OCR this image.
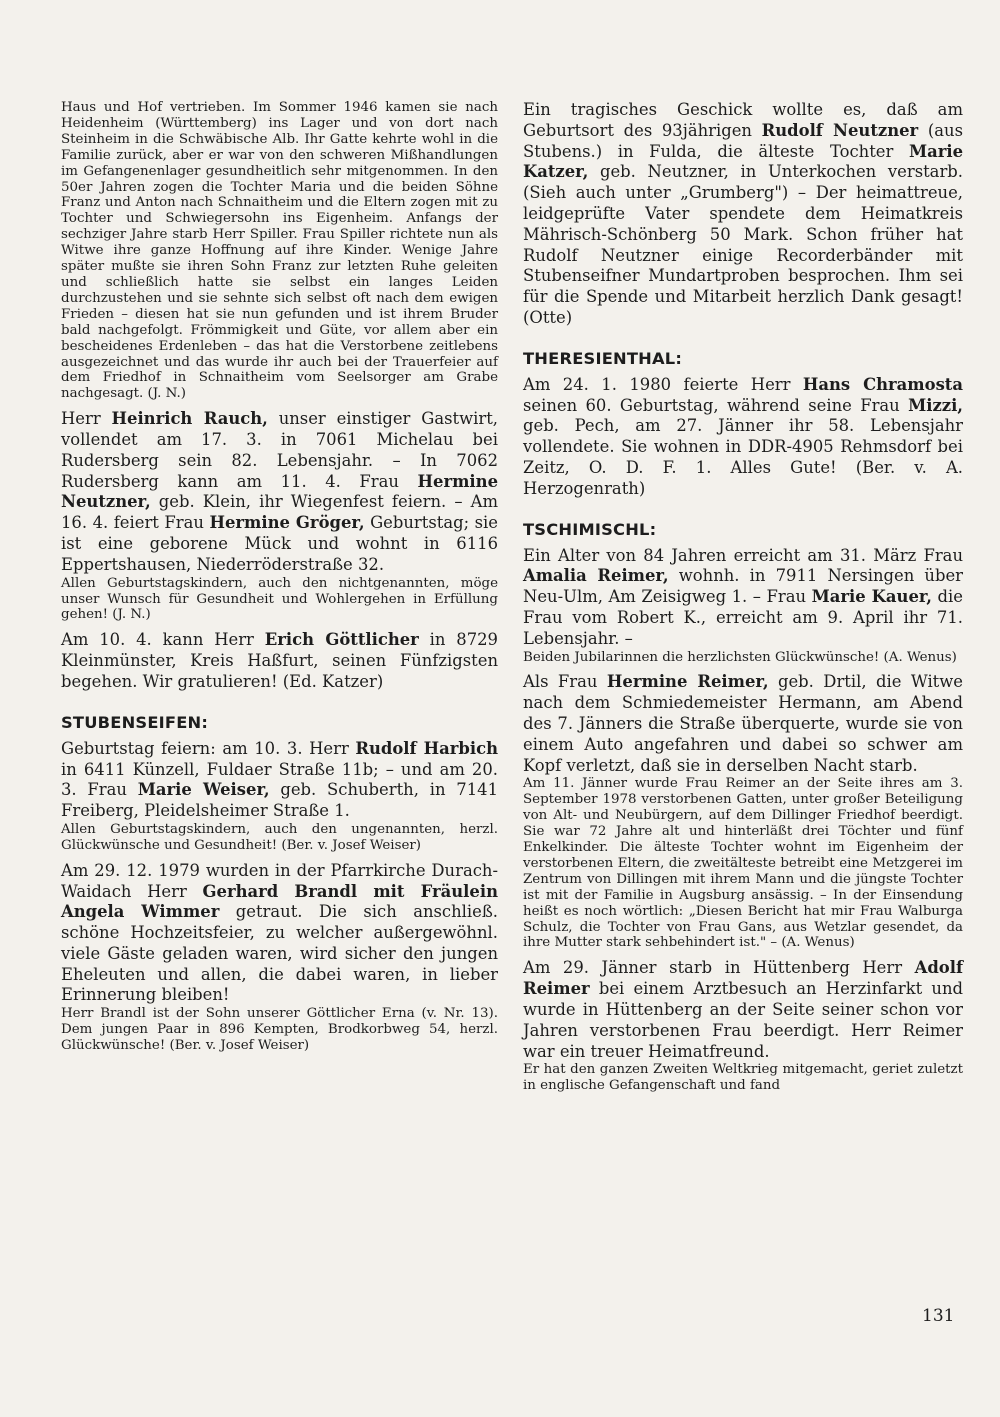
Haus und Hof vertrieben. Im Sommer 1946 kamen sie nach Heidenheim (Württemberg) ins Lager und von dort nach Steinheim in die Schwäbische Alb. Ihr Gatte kehrte wohl in die Familie zurück, aber er war von den schweren Mißhandlungen im Gefangenenlager gesundheitlich sehr mitgenommen. In den 50er Jahren zogen die Tochter Maria und die beiden Söhne Franz und Anton nach Schnaitheim und die Eltern zogen mit zu Tochter und Schwiegersohn ins Eigenheim. Anfangs der sechziger Jahre starb Herr Spiller. Frau Spiller richtete nun als Witwe ihre ganze Hoffnung auf ihre Kinder. Wenige Jahre später mußte sie ihren Sohn Franz zur letzten Ruhe geleiten und schließlich hatte sie selbst ein langes Leiden durchzustehen und sie sehnte sich selbst oft nach dem ewigen Frieden – diesen hat sie nun gefunden und ist ihrem Bruder bald nachgefolgt. Frömmigkeit und Güte, vor allem aber ein bescheidenes Erdenleben – das hat die Verstorbene zeitlebens ausgezeichnet und das wurde ihr auch bei der Trauerfeier auf dem Friedhof in Schnaitheim vom Seelsorger am Grabe nachgesagt. (J. N.)

Herr Heinrich Rauch, unser einstiger Gastwirt, vollendet am 17. 3. in 7061 Michelau bei Rudersberg sein 82. Lebensjahr. – In 7062 Rudersberg kann am 11. 4. Frau Hermine Neutzner, geb. Klein, ihr Wiegenfest feiern. – Am 16. 4. feiert Frau Hermine Gröger, Geburtstag; sie ist eine geborene Mück und wohnt in 6116 Eppertshausen, Niederröderstraße 32.

Allen Geburtstagskindern, auch den nichtgenannten, möge unser Wunsch für Gesundheit und Wohlergehen in Erfüllung gehen! (J. N.)

Am 10. 4. kann Herr Erich Göttlicher in 8729 Kleinmünster, Kreis Haßfurt, seinen Fünfzigsten begehen. Wir gratulieren! (Ed. Katzer)

STUBENSEIFEN:

Geburtstag feiern: am 10. 3. Herr Rudolf Harbich in 6411 Künzell, Fuldaer Straße 11b; – und am 20. 3. Frau Marie Weiser, geb. Schuberth, in 7141 Freiberg, Pleidelsheimer Straße 1.

Allen Geburtstagskindern, auch den ungenannten, herzl. Glückwünsche und Gesundheit! (Ber. v. Josef Weiser)

Am 29. 12. 1979 wurden in der Pfarrkirche Durach-Waidach Herr Gerhard Brandl mit Fräulein Angela Wimmer getraut. Die sich anschließ. schöne Hochzeitsfeier, zu welcher außergewöhnl. viele Gäste geladen waren, wird sicher den jungen Eheleuten und allen, die dabei waren, in lieber Erinnerung bleiben!

Herr Brandl ist der Sohn unserer Göttlicher Erna (v. Nr. 13). Dem jungen Paar in 896 Kempten, Brodkorbweg 54, herzl. Glückwünsche! (Ber. v. Josef Weiser)

Ein tragisches Geschick wollte es, daß am Geburtsort des 93jährigen Rudolf Neutzner (aus Stubens.) in Fulda, die älteste Tochter Marie Katzer, geb. Neutzner, in Unterkochen verstarb. (Sieh auch unter „Grumberg") – Der heimattreue, leidgeprüfte Vater spendete dem Heimatkreis Mährisch-Schönberg 50 Mark. Schon früher hat Rudolf Neutzner einige Recorderbänder mit Stubenseifner Mundartproben besprochen. Ihm sei für die Spende und Mitarbeit herzlich Dank gesagt! (Otte)

THERESIENTHAL:

Am 24. 1. 1980 feierte Herr Hans Chramosta seinen 60. Geburtstag, während seine Frau Mizzi, geb. Pech, am 27. Jänner ihr 58. Lebensjahr vollendete. Sie wohnen in DDR-4905 Rehmsdorf bei Zeitz, O. D. F. 1. Alles Gute! (Ber. v. A. Herzogenrath)

TSCHIMISCHL:

Ein Alter von 84 Jahren erreicht am 31. März Frau Amalia Reimer, wohnh. in 7911 Nersingen über Neu-Ulm, Am Zeisigweg 1. – Frau Marie Kauer, die Frau vom Robert K., erreicht am 9. April ihr 71. Lebensjahr. –

Beiden Jubilarinnen die herzlichsten Glückwünsche! (A. Wenus)

Als Frau Hermine Reimer, geb. Drtil, die Witwe nach dem Schmiedemeister Hermann, am Abend des 7. Jänners die Straße überquerte, wurde sie von einem Auto angefahren und dabei so schwer am Kopf verletzt, daß sie in derselben Nacht starb.

Am 11. Jänner wurde Frau Reimer an der Seite ihres am 3. September 1978 verstorbenen Gatten, unter großer Beteiligung von Alt- und Neubürgern, auf dem Dillinger Friedhof beerdigt. Sie war 72 Jahre alt und hinterläßt drei Töchter und fünf Enkelkinder. Die älteste Tochter wohnt im Eigenheim der verstorbenen Eltern, die zweitälteste betreibt eine Metzgerei im Zentrum von Dillingen mit ihrem Mann und die jüngste Tochter ist mit der Familie in Augsburg ansässig. – In der Einsendung heißt es noch wörtlich: „Diesen Bericht hat mir Frau Walburga Schulz, die Tochter von Frau Gans, aus Wetzlar gesendet, da ihre Mutter stark sehbehindert ist." – (A. Wenus)

Am 29. Jänner starb in Hüttenberg Herr Adolf Reimer bei einem Arztbesuch an Herzinfarkt und wurde in Hüttenberg an der Seite seiner schon vor Jahren verstorbenen Frau beerdigt. Herr Reimer war ein treuer Heimatfreund.

Er hat den ganzen Zweiten Weltkrieg mitgemacht, geriet zuletzt in englische Gefangenschaft und fand

131
